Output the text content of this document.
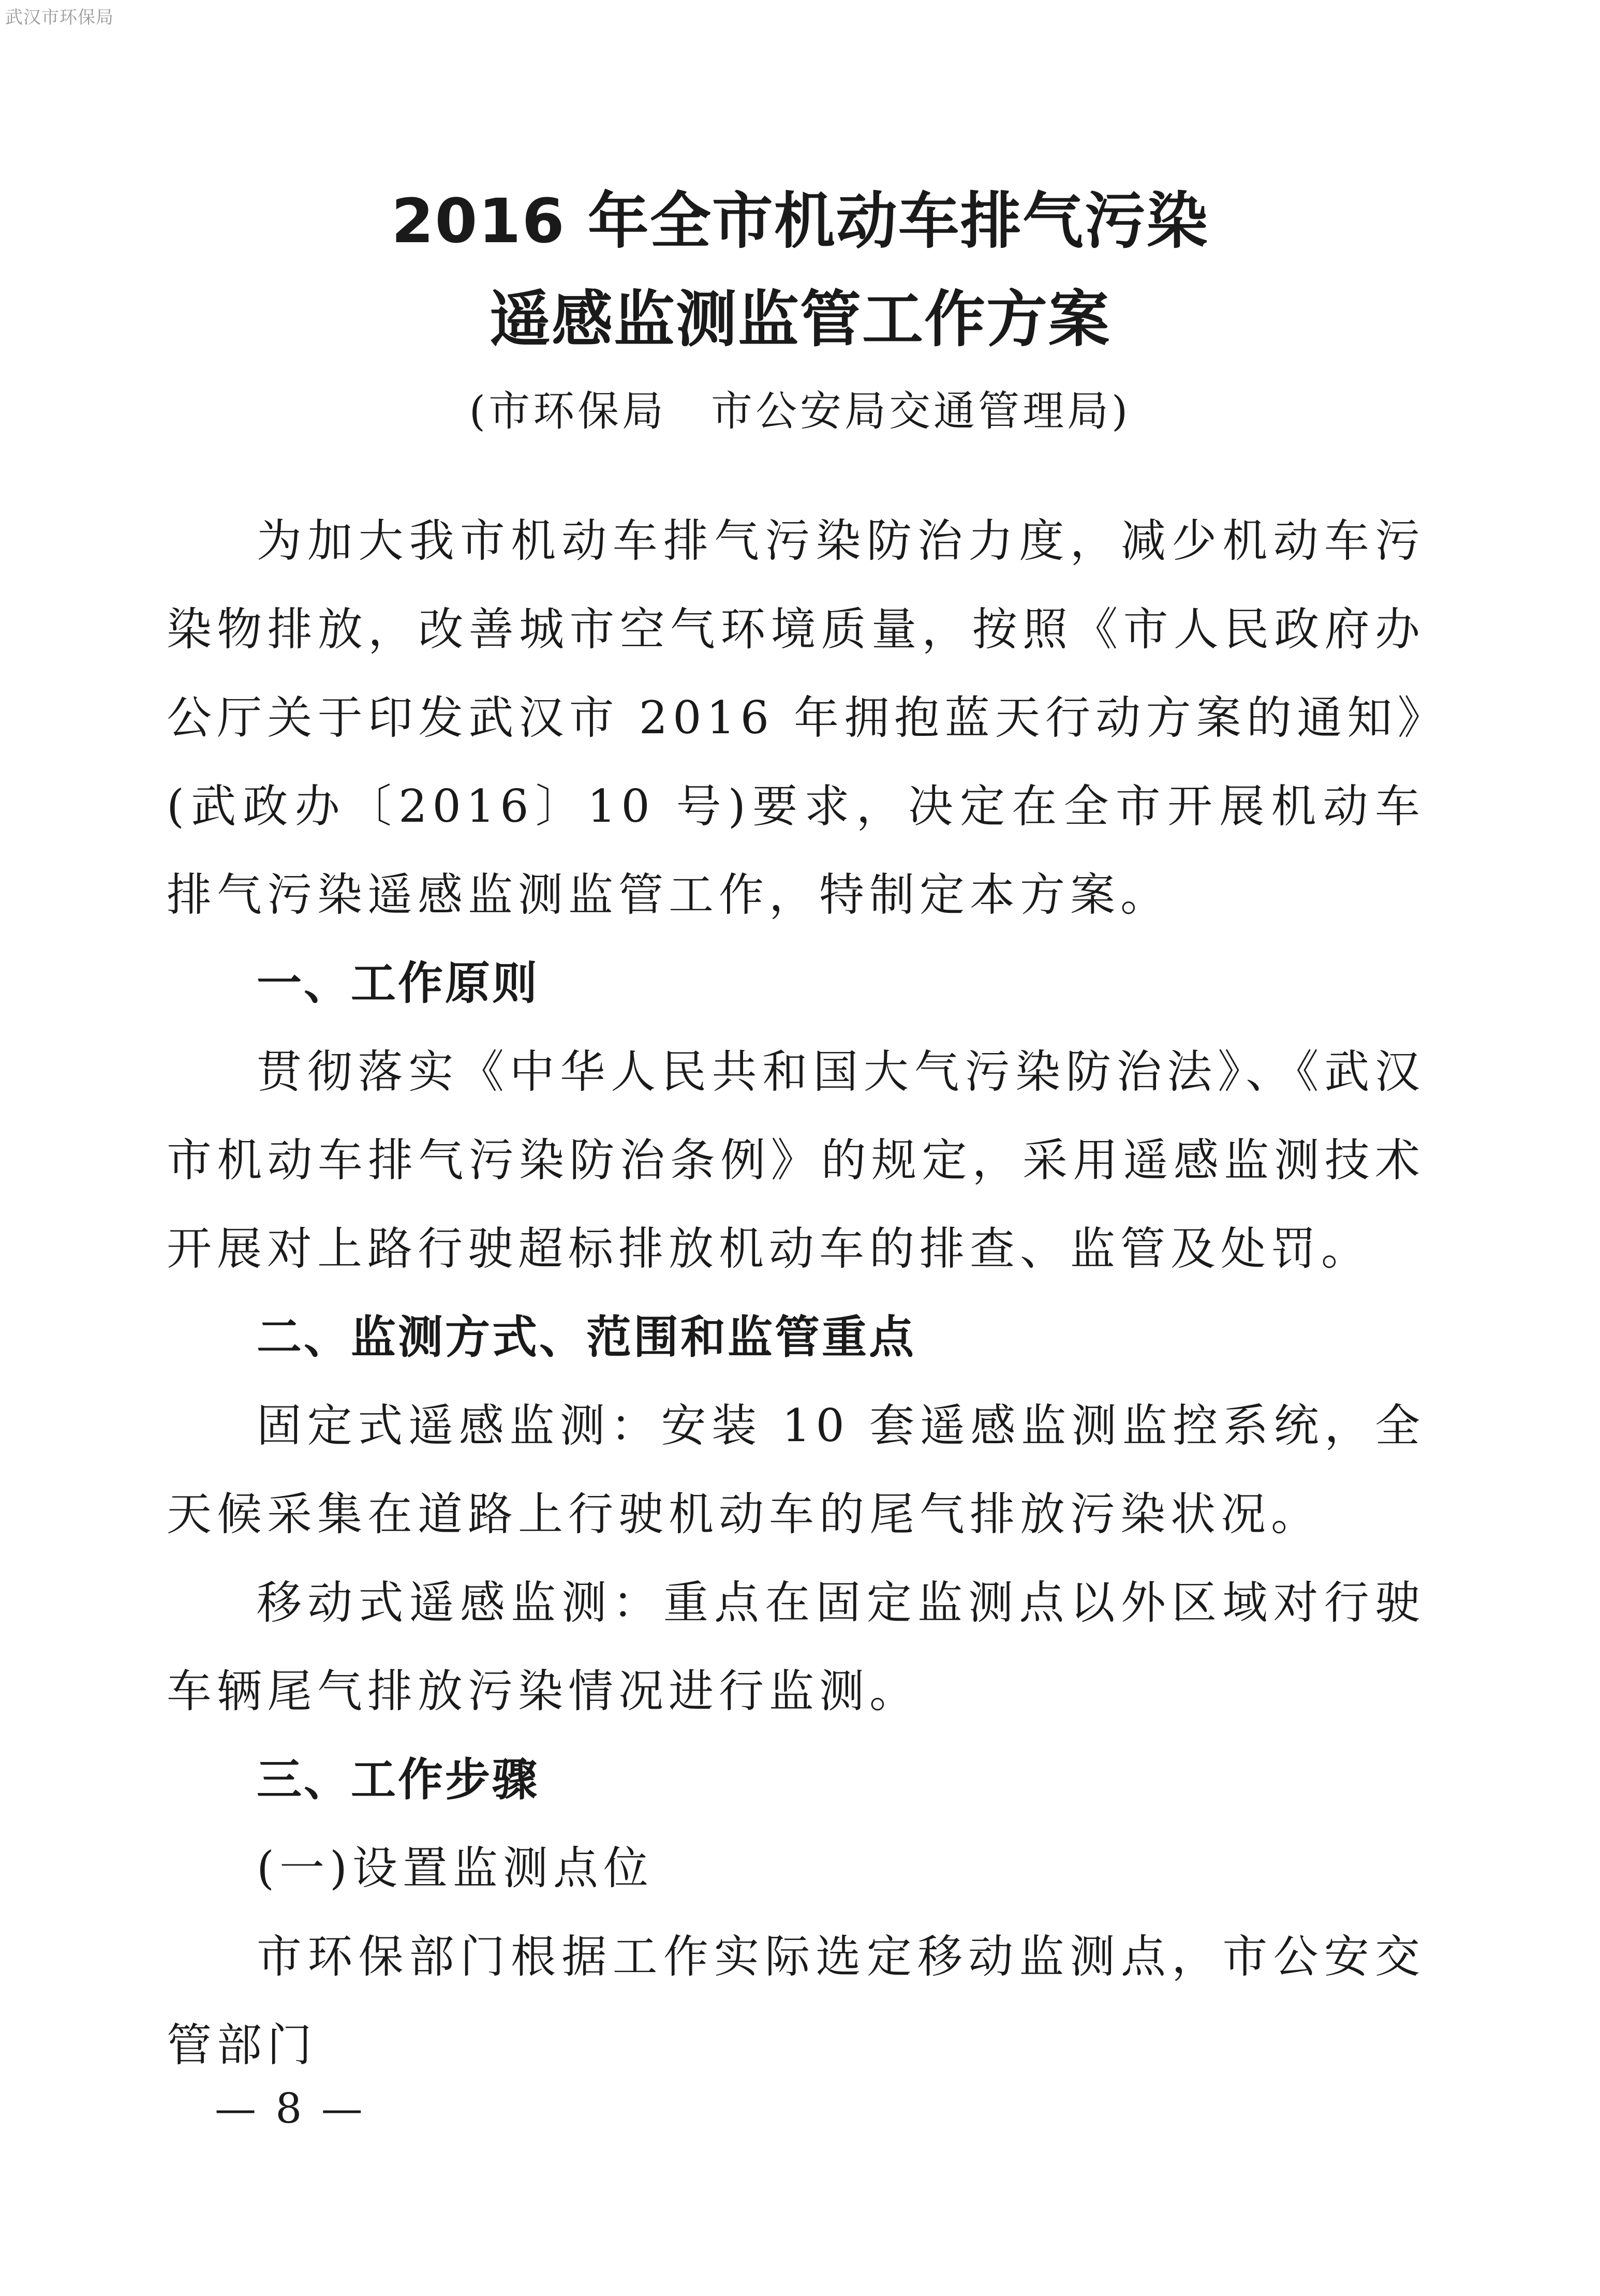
武汉市环保局
2016 年全市机动车排气污染
遥感监测监管工作方案
(市环保局　市公安局交通管理局)

为加大我市机动车排气污染防治力度，减少机动车污染物排放，改善城市空气环境质量，按照《市人民政府办公厅关于印发武汉市 2016 年拥抱蓝天行动方案的通知》(武政办〔2016〕10 号)要求，决定在全市开展机动车排气污染遥感监测监管工作，特制定本方案。

一、工作原则

贯彻落实《中华人民共和国大气污染防治法》、《武汉市机动车排气污染防治条例》的规定，采用遥感监测技术开展对上路行驶超标排放机动车的排查、监管及处罚。

二、监测方式、范围和监管重点

固定式遥感监测：安装 10 套遥感监测监控系统，全天候采集在道路上行驶机动车的尾气排放污染状况。

移动式遥感监测：重点在固定监测点以外区域对行驶车辆尾气排放污染情况进行监测。

三、工作步骤

(一)设置监测点位

市环保部门根据工作实际选定移动监测点，市公安交管部门

— 8 —
